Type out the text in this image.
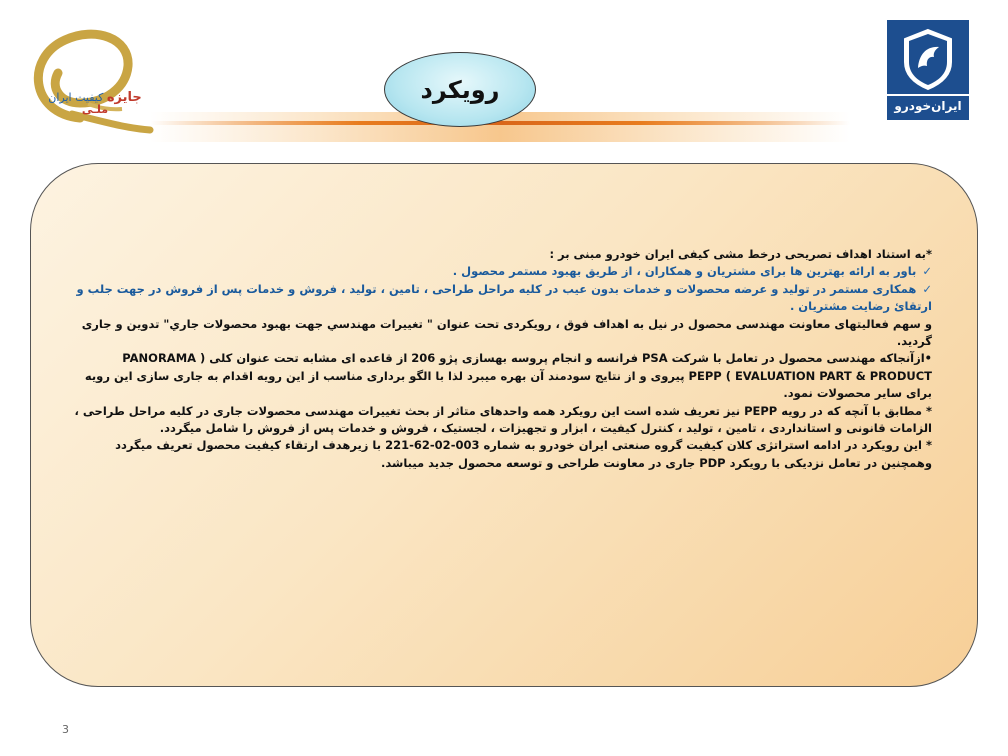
جایزه کیفیت ایران
ملـی
رویکرد
ایران‌خودرو

*به استناد اهداف تصریحی درخط مشی کیفی ایران خودرو مبنی بر :

✓باور به ارائه بهترین ها برای مشتریان و همکاران ، از طریق بهبود مستمر محصول .

✓همکاری مستمر در تولید و عرضه محصولات و خدمات بدون عیب در کلیه مراحل طراحی ، تامین ، تولید ، فروش و خدمات پس از فروش در جهت جلب و ارتقائ رضایت مشتریان .

و سهم فعالیتهای معاونت مهندسی محصول در نیل به اهداف فوق ، رویکردی تحت عنوان " تغییرات مهندسي جهت بهبود محصولات جاري" تدوین و جاری گردید.

•ازآنجاکه مهندسی محصول در تعامل با شرکت PSA فرانسه و انجام پروسه بهسازی پژو 206 از قاعده ای مشابه تحت عنوان کلی ( PANORAMA EVALUATION PART & PRODUCT ) PEPP پیروی و از نتایج سودمند آن بهره میبرد لذا با الگو برداری مناسب از این رویه اقدام به جاری سازی این رویه برای سایر محصولات نمود.

* مطابق با آنچه که در رویه PEPP نیز تعریف شده است این رویکرد همه واحدهای متاثر از بحث تغییرات مهندسی محصولات جاری در کلیه مراحل طراحی ، الزامات قانونی و استانداردی ، تامین ، تولید ، کنترل کیفیت ، ابزار و تجهیزات ، لجستیک ، فروش و خدمات پس از فروش را شامل میگردد.

* این رویکرد در ادامه استراتژی کلان کیفیت گروه صنعتی ایران خودرو به شماره 003-02-62-221 با زیرهدف ارتقاء کیفیت محصول تعریف میگردد وهمچنین در تعامل نزدیکی با رویکرد PDP جاری در معاونت طراحی و توسعه محصول جدید میباشد.

3
